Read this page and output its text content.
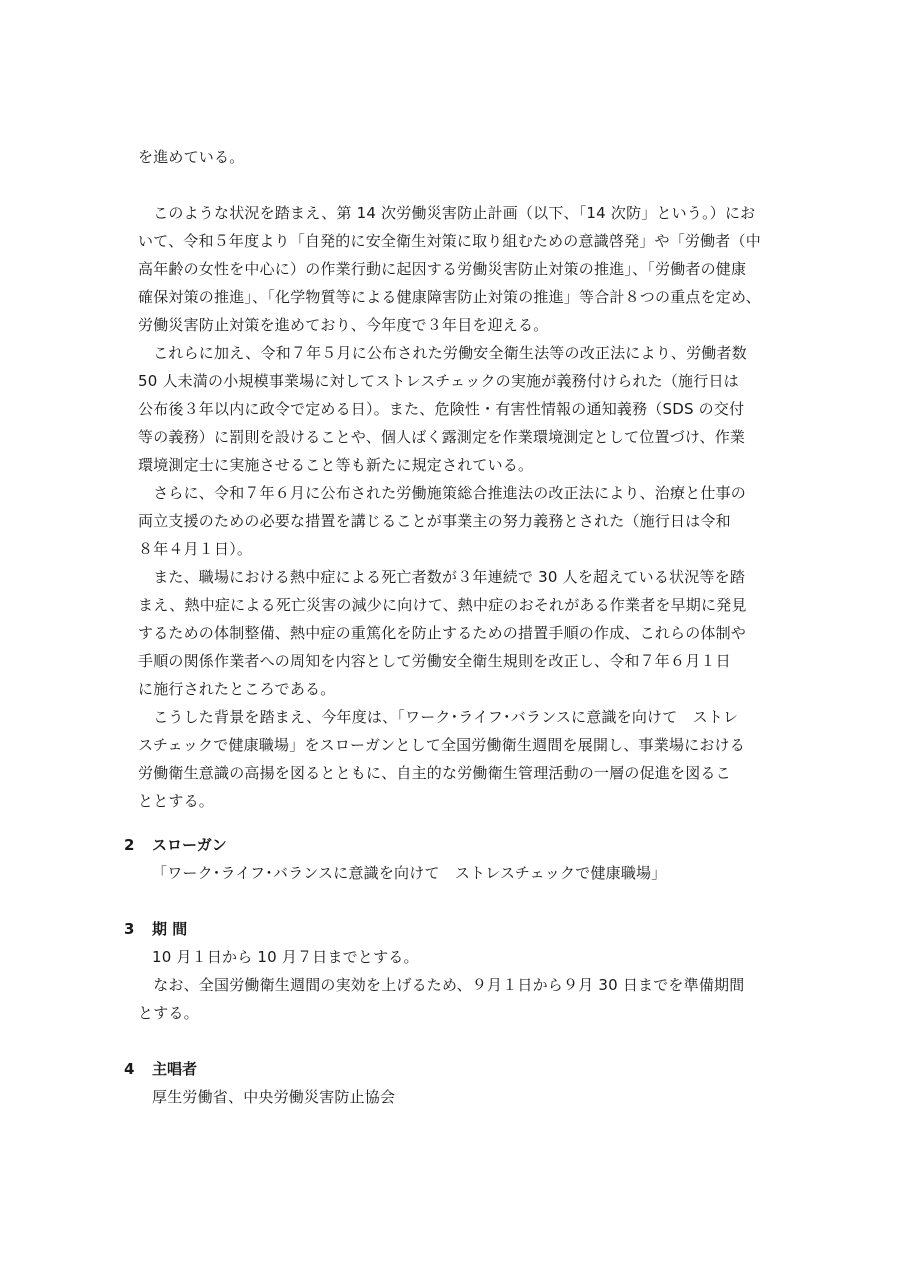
を進めている。
　このような状況を踏まえ、第 14 次労働災害防止計画（以下、「14 次防」という。）にお
いて、令和５年度より「自発的に安全衛生対策に取り組むための意識啓発」や「労働者（中
高年齢の女性を中心に）の作業行動に起因する労働災害防止対策の推進」、「労働者の健康
確保対策の推進」、「化学物質等による健康障害防止対策の推進」等合計８つの重点を定め、
労働災害防止対策を進めており、今年度で３年目を迎える。
　これらに加え、令和７年５月に公布された労働安全衛生法等の改正法により、労働者数
50 人未満の小規模事業場に対してストレスチェックの実施が義務付けられた（施行日は
公布後３年以内に政令で定める日）。また、危険性・有害性情報の通知義務（SDS の交付
等の義務）に罰則を設けることや、個人ばく露測定を作業環境測定として位置づけ、作業
環境測定士に実施させること等も新たに規定されている。
　さらに、令和７年６月に公布された労働施策総合推進法の改正法により、治療と仕事の
両立支援のための必要な措置を講じることが事業主の努力義務とされた（施行日は令和
８年４月１日）。
　また、職場における熱中症による死亡者数が３年連続で 30 人を超えている状況等を踏
まえ、熱中症による死亡災害の減少に向けて、熱中症のおそれがある作業者を早期に発見
するための体制整備、熱中症の重篤化を防止するための措置手順の作成、これらの体制や
手順の関係作業者への周知を内容として労働安全衛生規則を改正し、令和７年６月１日
に施行されたところである。
　こうした背景を踏まえ、今年度は、「ワーク･ライフ･バランスに意識を向けて　ストレ
スチェックで健康職場」をスローガンとして全国労働衛生週間を展開し、事業場における
労働衛生意識の高揚を図るとともに、自主的な労働衛生管理活動の一層の促進を図るこ
ととする。
2 スローガン
「ワーク･ライフ･バランスに意識を向けて　ストレスチェックで健康職場」
3 期 間
10 月１日から 10 月７日までとする。
　なお、全国労働衛生週間の実効を上げるため、９月１日から９月 30 日までを準備期間
とする。
4 主唱者
厚生労働省、中央労働災害防止協会
